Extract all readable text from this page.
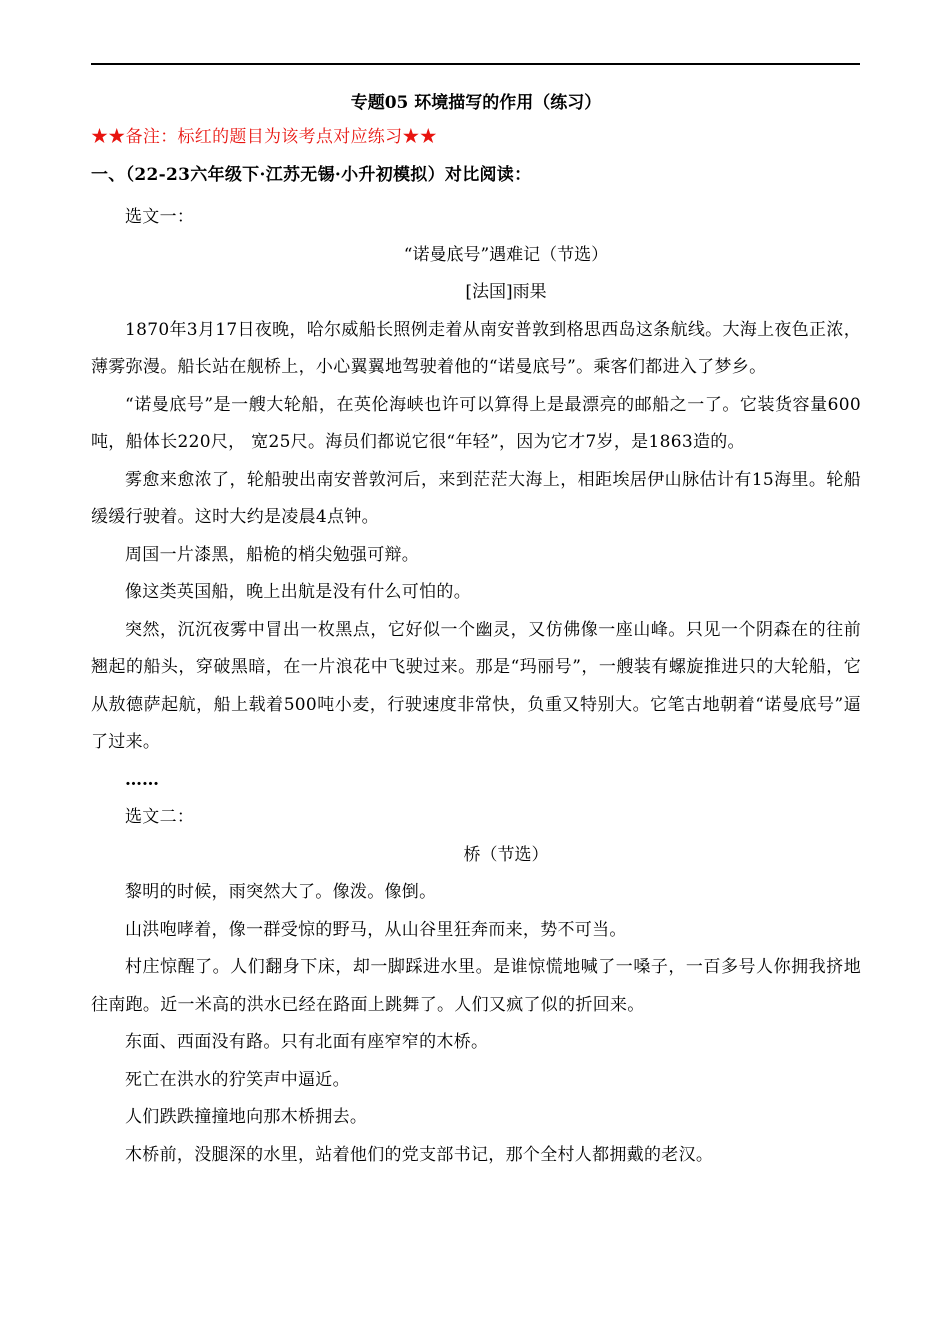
专题05 环境描写的作用（练习）
★★备注：标红的题目为该考点对应练习★★
一、（22-23六年级下·江苏无锡·小升初模拟）对比阅读：
选文一：
“诺曼底号”遇难记（节选）
[法国]雨果

1870年3月17日夜晚，哈尔威船长照例走着从南安普敦到格思西岛这条航线。大海上夜色正浓，薄雾弥漫。船长站在舰桥上，小心翼翼地驾驶着他的“诺曼底号”。乘客们都进入了梦乡。

“诺曼底号”是一艘大轮船，在英伦海峡也许可以算得上是最漂亮的邮船之一了。它装货容量600吨，船体长220尺， 宽25尺。海员们都说它很“年轻”，因为它才7岁，是1863造的。

雾愈来愈浓了，轮船驶出南安普敦河后，来到茫茫大海上，相距埃居伊山脉估计有15海里。轮船缓缓行驶着。这时大约是凌晨4点钟。

周国一片漆黑，船桅的梢尖勉强可辩。

像这类英国船，晚上出航是没有什么可怕的。

突然，沉沉夜雾中冒出一枚黑点，它好似一个幽灵，又仿佛像一座山峰。只见一个阴森在的往前翘起的船头，穿破黑暗，在一片浪花中飞驶过来。那是“玛丽号”，一艘装有螺旋推进只的大轮船，它从敖德萨起航，船上载着500吨小麦，行驶速度非常快，负重又特别大。它笔古地朝着“诺曼底号”逼了过来。

……
选文二：
桥（节选）

黎明的时候，雨突然大了。像泼。像倒。

山洪咆哮着，像一群受惊的野马，从山谷里狂奔而来，势不可当。

村庄惊醒了。人们翻身下床，却一脚踩进水里。是谁惊慌地喊了一嗓子，一百多号人你拥我挤地往南跑。近一米高的洪水已经在路面上跳舞了。人们又疯了似的折回来。

东面、西面没有路。只有北面有座窄窄的木桥。

死亡在洪水的狞笑声中逼近。

人们跌跌撞撞地向那木桥拥去。

木桥前，没腿深的水里，站着他们的党支部书记，那个全村人都拥戴的老汉。
